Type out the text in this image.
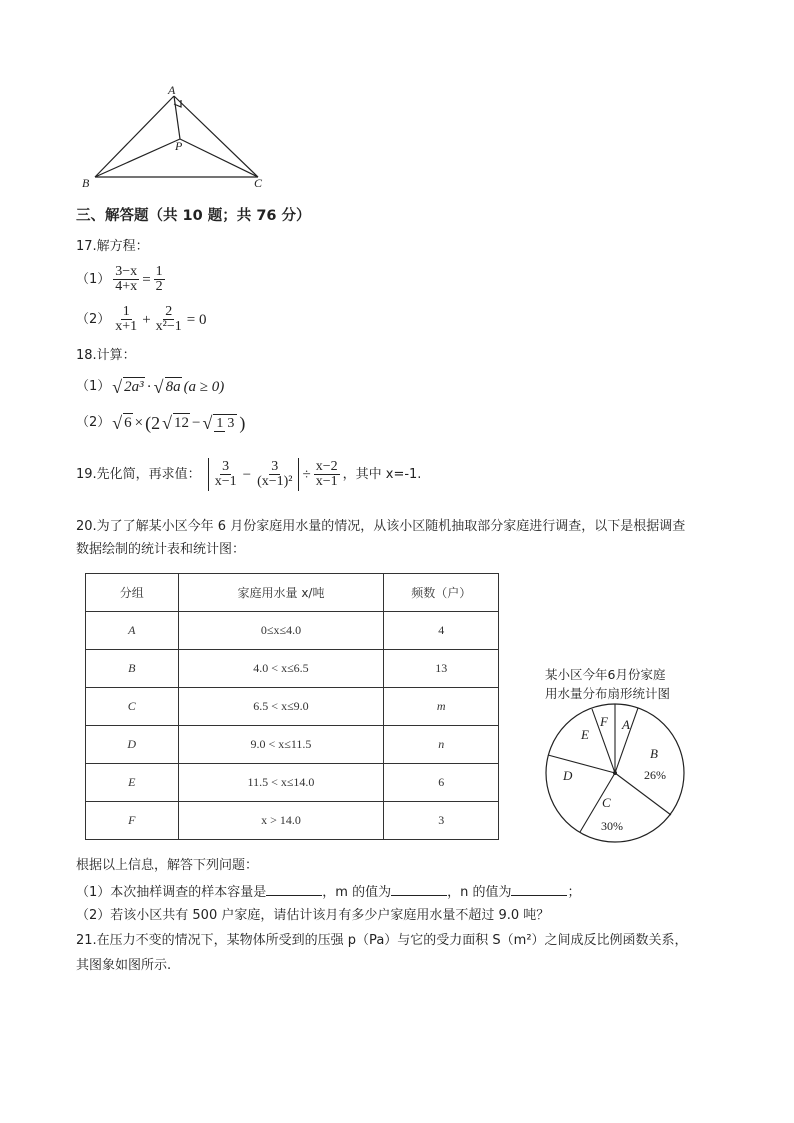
A
P
B	C
三、解答题（共 10 题；共 76 分）
17.解方程：
$(1) \frac{3-x}{4+x} = \frac{1}{2}$
$(2) \frac{1}{x+1} + \frac{2}{\text{x²−1}} = 0$
18.计算：
（1） √ 2a³ · √ 8a (a ≥ 0)
（2） √ 6 × (2 √ 12 − √ 1 3 )
19.先化简，再求值： $\frac{3}{x-1} - \frac{3}{\text{(x−1)²}} \div \frac{x-2}{x-1}$ ，其中 x=-1.
20.为了了解某小区今年 6 月份家庭用水量的情况，从该小区随机抽取部分家庭进行调查，以下是根据调查
数据绘制的统计表和统计图：
分组	家庭用水量 x/吨	频数（户）
A	0≤x≤4.0	4
B	4.0 < x≤6.5	13
C	6.5 < x≤9.0	m
D	9.0 < x≤11.5	n
E	11.5 < x≤14.0	6
F	x > 14.0	3
某小区今年6月份家庭
用水量分布扇形统计图
A
B
26%
C
30%
D
E
F
根据以上信息，解答下列问题：
（1）本次抽样调查的样本容量是	，m 的值为	，n 的值为	；
（2）若该小区共有 500 户家庭，请估计该月有多少户家庭用水量不超过 9.0 吨？
21.在压力不变的情况下，某物体所受到的压强 p（Pa）与它的受力面积 S（m²）之间成反比例函数关系，
其图象如图所示.
